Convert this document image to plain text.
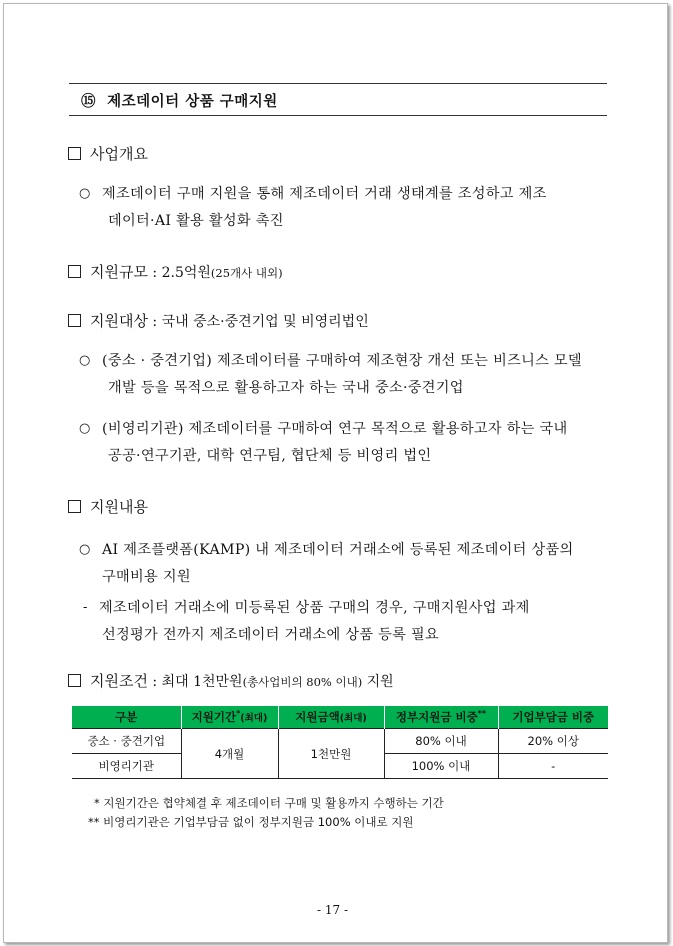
⑮ 제조데이터 상품 구매지원
사업개요
○ 제조데이터 구매 지원을 통해 제조데이터 거래 생태계를 조성하고 제조
데이터·AI 활용 활성화 촉진
지원규모 : 2.5억원(25개사 내외)
지원대상 : 국내 중소·중견기업 및 비영리법인
○ (중소 · 중견기업) 제조데이터를 구매하여 제조현장 개선 또는 비즈니스 모델
개발 등을 목적으로 활용하고자 하는 국내 중소·중견기업
○ (비영리기관) 제조데이터를 구매하여 연구 목적으로 활용하고자 하는 국내
공공·연구기관, 대학 연구팀, 협단체 등 비영리 법인
지원내용
○ AI 제조플랫폼(KAMP) 내 제조데이터 거래소에 등록된 제조데이터 상품의
구매비용 지원
- 제조데이터 거래소에 미등록된 상품 구매의 경우, 구매지원사업 과제
선정평가 전까지 제조데이터 거래소에 상품 등록 필요
지원조건 : 최대 1천만원(총사업비의 80% 이내) 지원
구분	지원기간*(최대)	지원금액(최대)	정부지원금 비중**	기업부담금 비중
중소 · 중견기업	4개월	1천만원	80% 이내	20% 이상
비영리기관			100% 이내	-
* 지원기간은 협약체결 후 제조데이터 구매 및 활용까지 수행하는 기간
** 비영리기관은 기업부담금 없이 정부지원금 100% 이내로 지원
- 17 -
